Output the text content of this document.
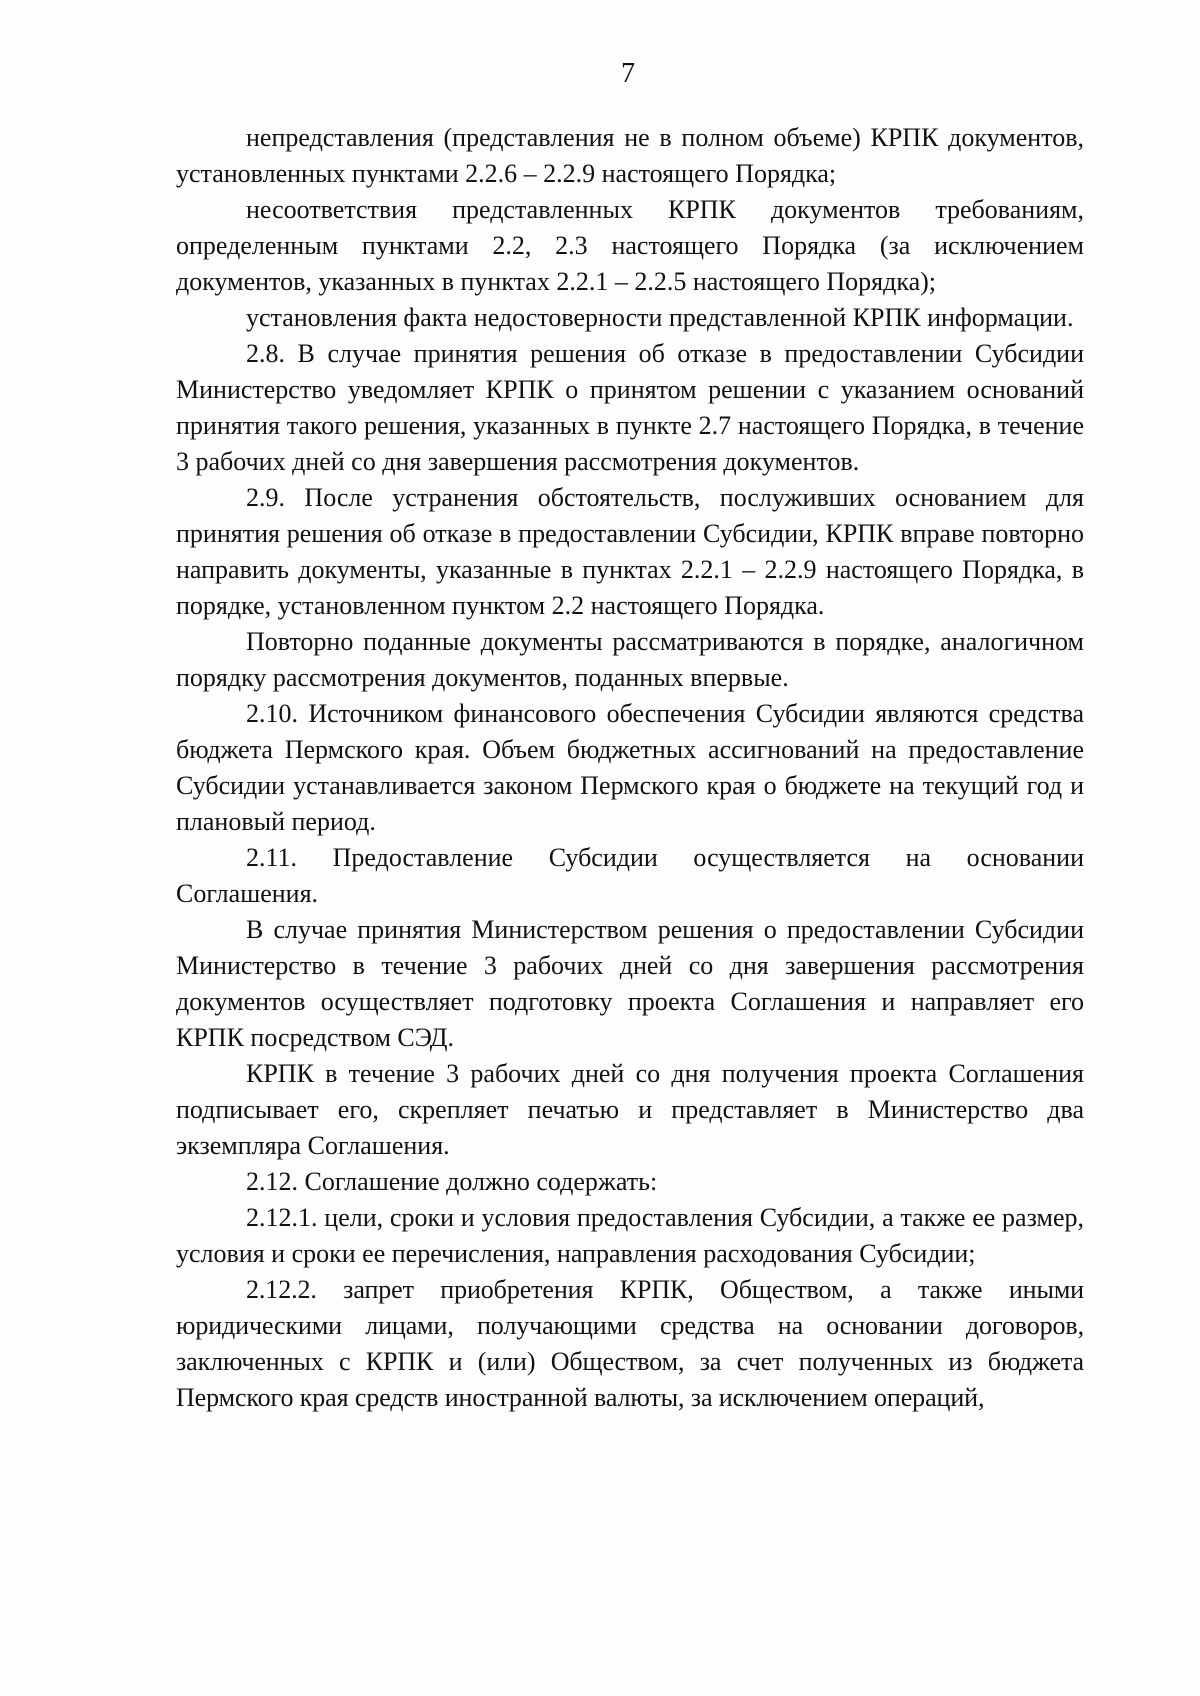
7

непредставления (представления не в полном объеме) КРПК документов, установленных пунктами 2.2.6 – 2.2.9 настоящего Порядка;

несоответствия представленных КРПК документов требованиям, определенным пунктами 2.2, 2.3 настоящего Порядка (за исключением документов, указанных в пунктах 2.2.1 – 2.2.5 настоящего Порядка);

установления факта недостоверности представленной КРПК информации.

2.8. В случае принятия решения об отказе в предоставлении Субсидии Министерство уведомляет КРПК о принятом решении с указанием оснований принятия такого решения, указанных в пункте 2.7 настоящего Порядка, в течение 3 рабочих дней со дня завершения рассмотрения документов.

2.9. После устранения обстоятельств, послуживших основанием для принятия решения об отказе в предоставлении Субсидии, КРПК вправе повторно направить документы, указанные в пунктах 2.2.1 – 2.2.9 настоящего Порядка, в порядке, установленном пунктом 2.2 настоящего Порядка.

Повторно поданные документы рассматриваются в порядке, аналогичном порядку рассмотрения документов, поданных впервые.

2.10. Источником финансового обеспечения Субсидии являются средства бюджета Пермского края. Объем бюджетных ассигнований на предоставление Субсидии устанавливается законом Пермского края о бюджете на текущий год и плановый период.

2.11. Предоставление Субсидии осуществляется на основании Соглашения.

В случае принятия Министерством решения о предоставлении Субсидии Министерство в течение 3 рабочих дней со дня завершения рассмотрения документов осуществляет подготовку проекта Соглашения и направляет его КРПК посредством СЭД.

КРПК в течение 3 рабочих дней со дня получения проекта Соглашения подписывает его, скрепляет печатью и представляет в Министерство два экземпляра Соглашения.

2.12. Соглашение должно содержать:

2.12.1. цели, сроки и условия предоставления Субсидии, а также ее размер, условия и сроки ее перечисления, направления расходования Субсидии;

2.12.2. запрет приобретения КРПК, Обществом, а также иными юридическими лицами, получающими средства на основании договоров, заключенных с КРПК и (или) Обществом, за счет полученных из бюджета Пермского края средств иностранной валюты, за исключением операций,
